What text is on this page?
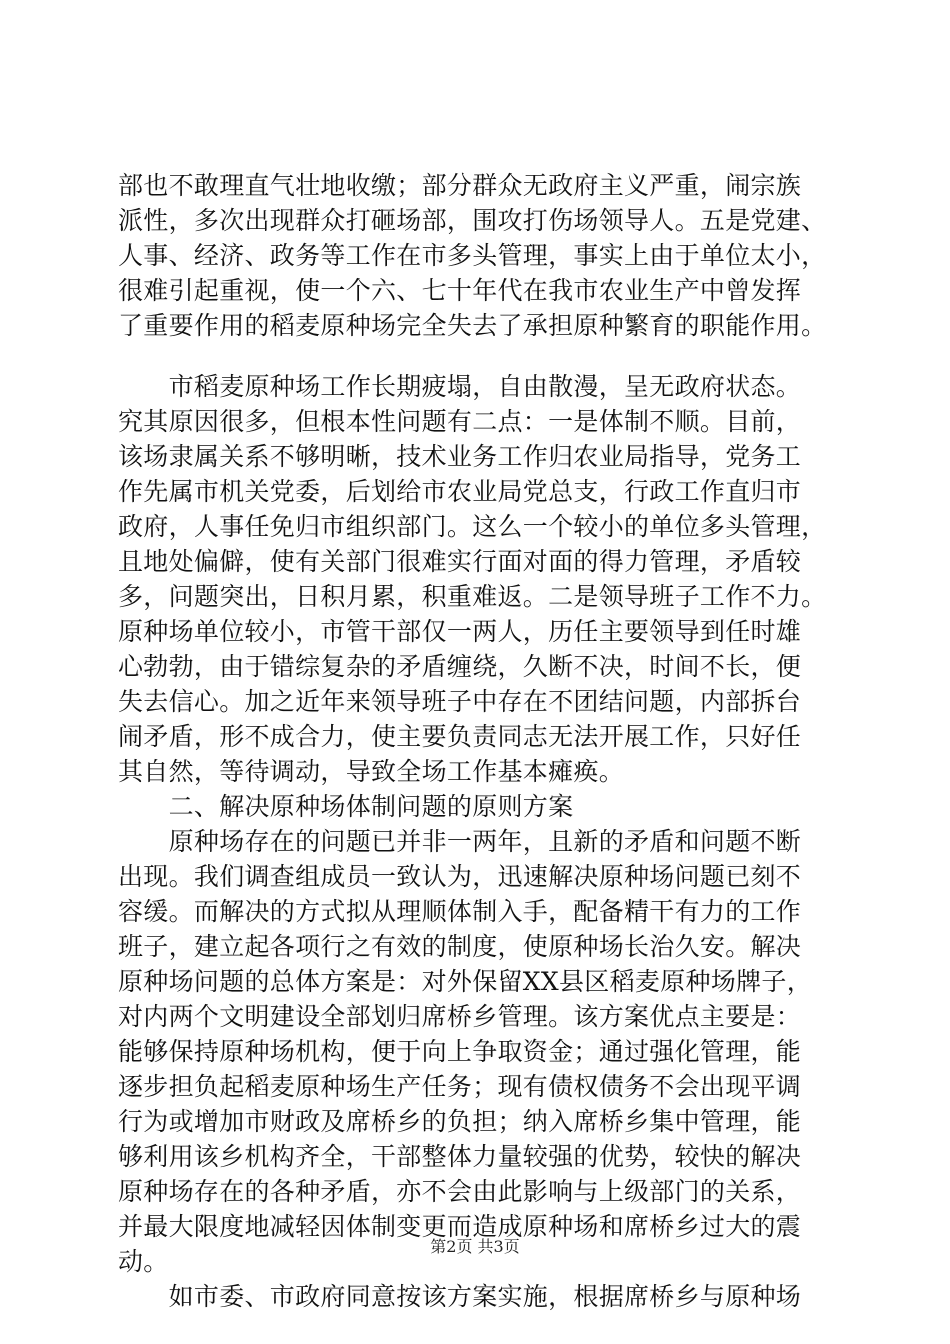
部也不敢理直气壮地收缴；部分群众无政府主义严重，闹宗族
派性，多次出现群众打砸场部，围攻打伤场领导人。五是党建、
人事、经济、政务等工作在市多头管理，事实上由于单位太小，
很难引起重视，使一个六、七十年代在我市农业生产中曾发挥
了重要作用的稻麦原种场完全失去了承担原种繁育的职能作用。
　　市稻麦原种场工作长期疲塌，自由散漫，呈无政府状态。
究其原因很多，但根本性问题有二点：一是体制不顺。目前，
该场隶属关系不够明晰，技术业务工作归农业局指导，党务工
作先属市机关党委，后划给市农业局党总支，行政工作直归市
政府，人事任免归市组织部门。这么一个较小的单位多头管理，
且地处偏僻，使有关部门很难实行面对面的得力管理，矛盾较
多，问题突出，日积月累，积重难返。二是领导班子工作不力。
原种场单位较小，市管干部仅一两人，历任主要领导到任时雄
心勃勃，由于错综复杂的矛盾缠绕，久断不决，时间不长，便
失去信心。加之近年来领导班子中存在不团结问题，内部拆台
闹矛盾，形不成合力，使主要负责同志无法开展工作，只好任
其自然，等待调动，导致全场工作基本瘫痪。
　　二、解决原种场体制问题的原则方案
　　原种场存在的问题已并非一两年，且新的矛盾和问题不断
出现。我们调查组成员一致认为，迅速解决原种场问题已刻不
容缓。而解决的方式拟从理顺体制入手，配备精干有力的工作
班子，建立起各项行之有效的制度，使原种场长治久安。解决
原种场问题的总体方案是：对外保留XX县区稻麦原种场牌子，
对内两个文明建设全部划归席桥乡管理。该方案优点主要是：
能够保持原种场机构，便于向上争取资金；通过强化管理，能
逐步担负起稻麦原种场生产任务；现有债权债务不会出现平调
行为或增加市财政及席桥乡的负担；纳入席桥乡集中管理，能
够利用该乡机构齐全，干部整体力量较强的优势，较快的解决
原种场存在的各种矛盾，亦不会由此影响与上级部门的关系，
并最大限度地减轻因体制变更而造成原种场和席桥乡过大的震
动。
　　如市委、市政府同意按该方案实施，根据席桥乡与原种场
第2页 共3页
